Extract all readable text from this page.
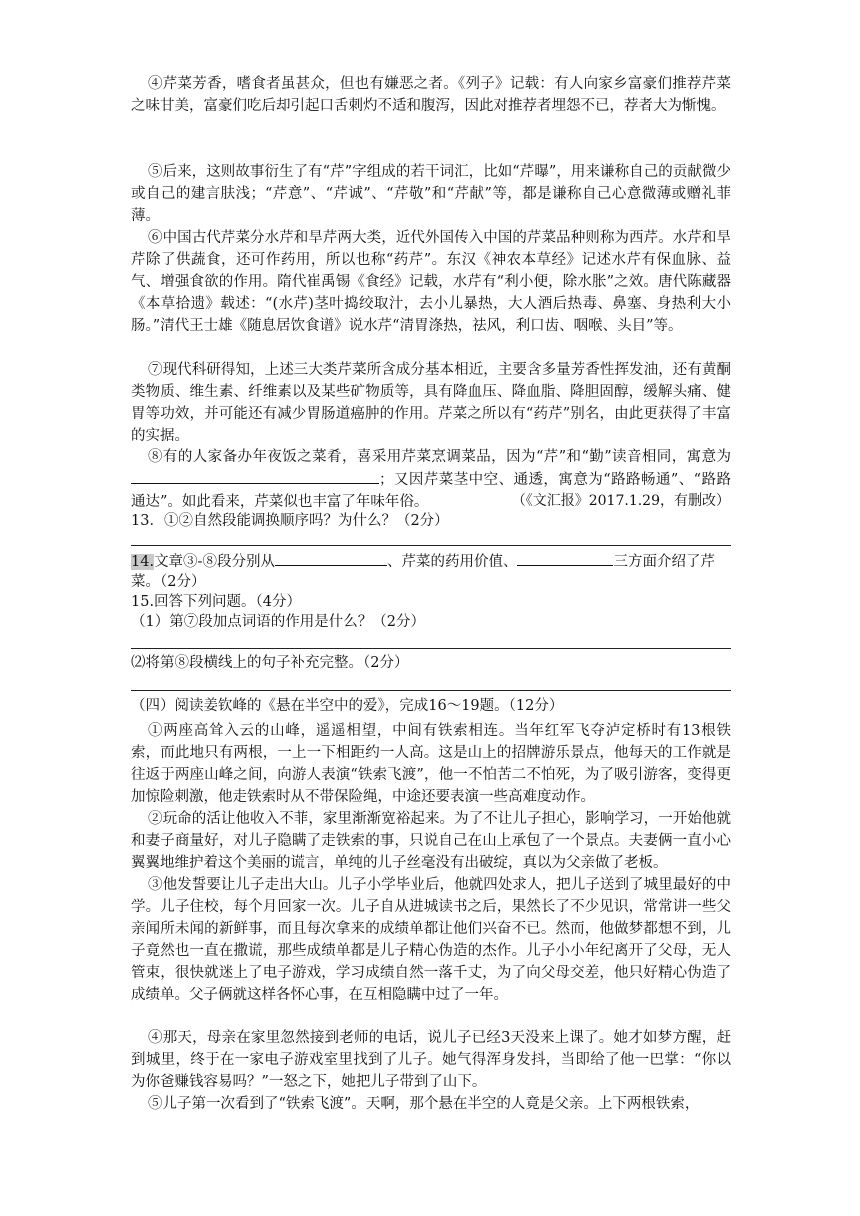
④芹菜芳香，嗜食者虽甚众，但也有嫌恶之者。《列子》记载：有人向家乡富豪们推荐芹菜之味甘美，富豪们吃后却引起口舌刺灼不适和腹泻，因此对推荐者埋怨不已，荐者大为惭愧。

⑤后来，这则故事衍生了有“芹”字组成的若干词汇，比如“芹曝”，用来谦称自己的贡献微少或自己的建言肤浅；“芹意”、“芹诚”、“芹敬”和“芹献”等，都是谦称自己心意微薄或赠礼菲薄。

⑥中国古代芹菜分水芹和旱芹两大类，近代外国传入中国的芹菜品种则称为西芹。水芹和旱芹除了供蔬食，还可作药用，所以也称“药芹”。东汉《神农本草经》记述水芹有保血脉、益气、增强食欲的作用。隋代崔禹锡《食经》记载，水芹有“利小便，除水胀”之效。唐代陈藏器《本草拾遗》载述：“(水芹)茎叶捣绞取汁，去小儿暴热，大人酒后热毒、鼻塞、身热利大小肠。”清代王士雄《随息居饮食谱》说水芹“清胃涤热，祛风，利口齿、咽喉、头目”等。

⑦现代科研得知，上述三大类芹菜所含成分基本相近，主要含多量芳香性挥发油，还有黄酮类物质、维生素、纤维素以及某些矿物质等，具有降血压、降血脂、降胆固醇，缓解头痛、健胃等功效，并可能还有减少胃肠道癌肿的作用。芹菜之所以有“药芹”别名，由此更获得了丰富的实据。

⑧有的人家备办年夜饭之菜肴，喜采用芹菜烹调菜品，因为“芹”和“勤”读音相同，寓意为；又因芹菜茎中空、通透，寓意为“路路畅通”、“路路通达”。如此看来，芹菜似也丰富了年味年俗。	（《文汇报》2017.1.29，有删改）

13．①②自然段能调换顺序吗？为什么？（2分）

14.文章③-⑧段分别从	、芹菜的药用价值、	三方面介绍了芹菜。（2分）

15.回答下列问题。（4分）

（1）第⑦段加点词语的作用是什么？（2分）

⑵将第⑧段横线上的句子补充完整。（2分）

（四）阅读姜钦峰的《悬在半空中的爱》，完成16～19题。（12分）

①两座高耸入云的山峰，遥遥相望，中间有铁索相连。当年红军飞夺泸定桥时有13根铁索，而此地只有两根，一上一下相距约一人高。这是山上的招牌游乐景点，他每天的工作就是往返于两座山峰之间，向游人表演“铁索飞渡”，他一不怕苦二不怕死，为了吸引游客，变得更加惊险刺激，他走铁索时从不带保险绳，中途还要表演一些高难度动作。

②玩命的活让他收入不菲，家里渐渐宽裕起来。为了不让儿子担心，影响学习，一开始他就和妻子商量好，对儿子隐瞒了走铁索的事，只说自己在山上承包了一个景点。夫妻俩一直小心翼翼地维护着这个美丽的谎言，单纯的儿子丝毫没有出破绽，真以为父亲做了老板。

③他发誓要让儿子走出大山。儿子小学毕业后，他就四处求人，把儿子送到了城里最好的中学。儿子住校，每个月回家一次。儿子自从进城读书之后，果然长了不少见识，常常讲一些父亲闻所未闻的新鲜事，而且每次拿来的成绩单都让他们兴奋不已。然而，他做梦都想不到，儿子竟然也一直在撒谎，那些成绩单都是儿子精心伪造的杰作。儿子小小年纪离开了父母，无人管束，很快就迷上了电子游戏，学习成绩自然一落千丈，为了向父母交差，他只好精心伪造了成绩单。父子俩就这样各怀心事，在互相隐瞒中过了一年。

④那天，母亲在家里忽然接到老师的电话，说儿子已经3天没来上课了。她才如梦方醒，赶到城里，终于在一家电子游戏室里找到了儿子。她气得浑身发抖，当即给了他一巴掌：“你以为你爸赚钱容易吗？”一怒之下，她把儿子带到了山下。

⑤儿子第一次看到了“铁索飞渡”。天啊，那个悬在半空的人竟是父亲。上下两根铁索，
